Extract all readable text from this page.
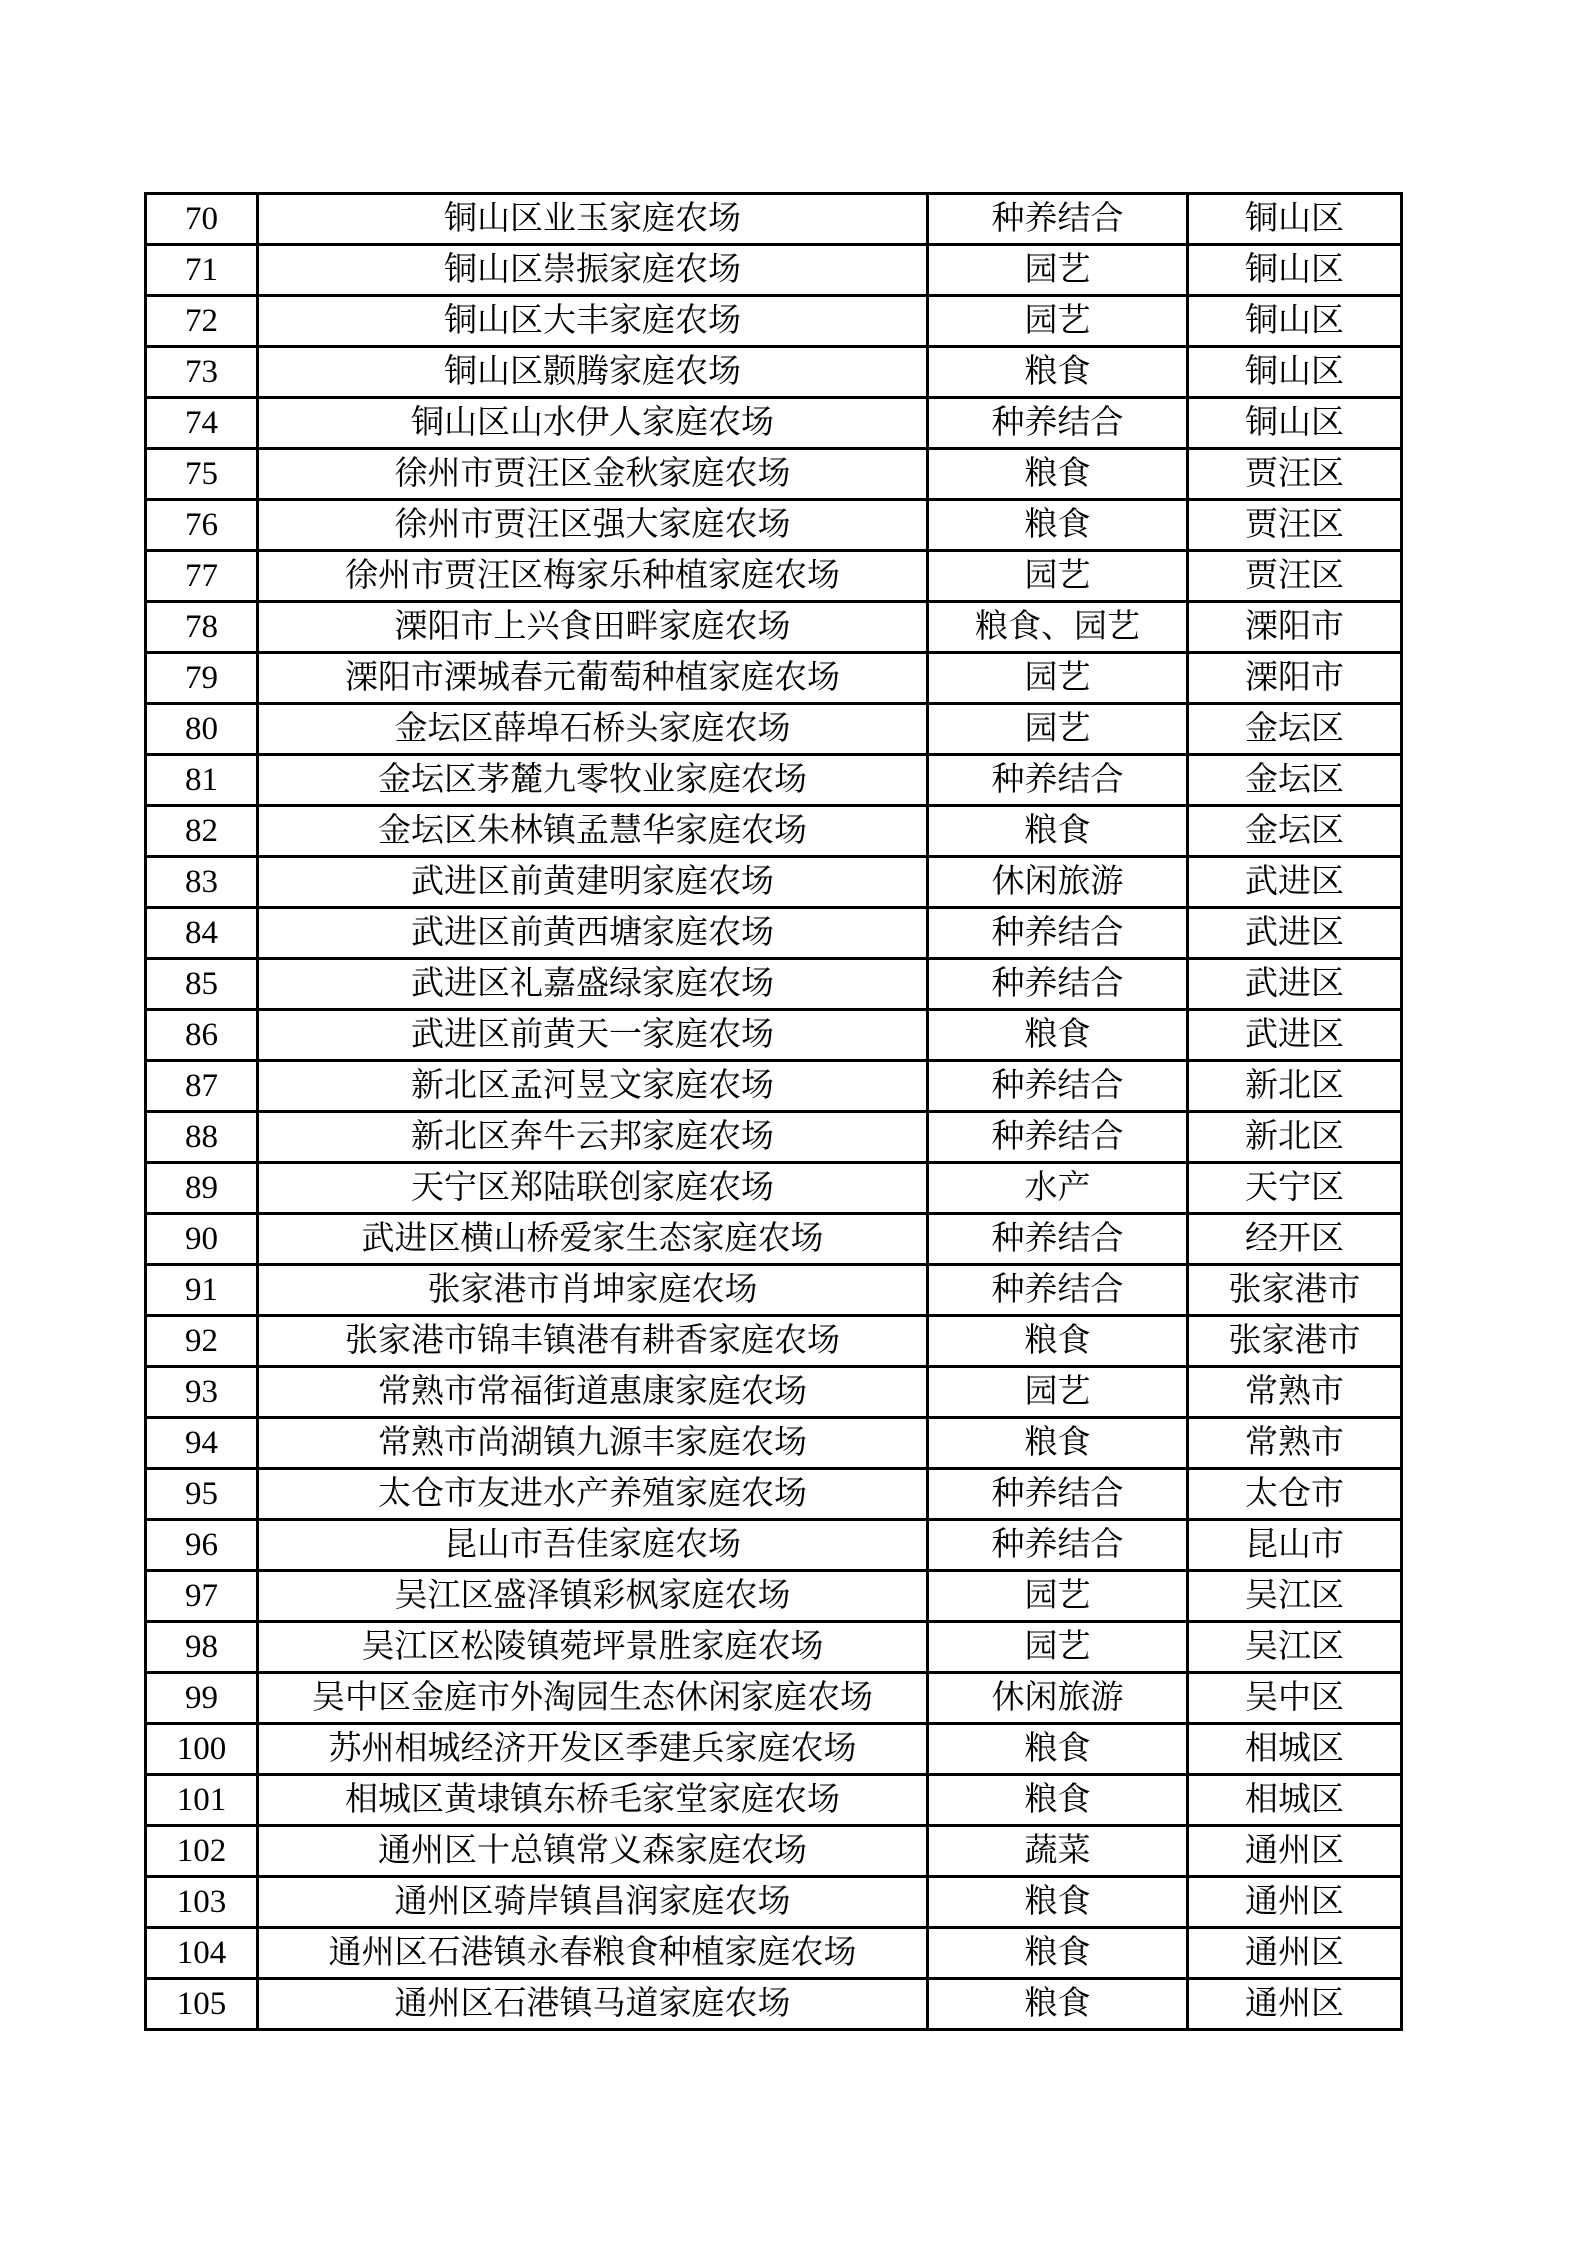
70	铜山区业玉家庭农场	种养结合	铜山区
71	铜山区崇振家庭农场	园艺	铜山区
72	铜山区大丰家庭农场	园艺	铜山区
73	铜山区颢腾家庭农场	粮食	铜山区
74	铜山区山水伊人家庭农场	种养结合	铜山区
75	徐州市贾汪区金秋家庭农场	粮食	贾汪区
76	徐州市贾汪区强大家庭农场	粮食	贾汪区
77	徐州市贾汪区梅家乐种植家庭农场	园艺	贾汪区
78	溧阳市上兴食田畔家庭农场	粮食、园艺	溧阳市
79	溧阳市溧城春元葡萄种植家庭农场	园艺	溧阳市
80	金坛区薛埠石桥头家庭农场	园艺	金坛区
81	金坛区茅麓九零牧业家庭农场	种养结合	金坛区
82	金坛区朱林镇孟慧华家庭农场	粮食	金坛区
83	武进区前黄建明家庭农场	休闲旅游	武进区
84	武进区前黄西塘家庭农场	种养结合	武进区
85	武进区礼嘉盛绿家庭农场	种养结合	武进区
86	武进区前黄天一家庭农场	粮食	武进区
87	新北区孟河昱文家庭农场	种养结合	新北区
88	新北区奔牛云邦家庭农场	种养结合	新北区
89	天宁区郑陆联创家庭农场	水产	天宁区
90	武进区横山桥爱家生态家庭农场	种养结合	经开区
91	张家港市肖坤家庭农场	种养结合	张家港市
92	张家港市锦丰镇港有耕香家庭农场	粮食	张家港市
93	常熟市常福街道惠康家庭农场	园艺	常熟市
94	常熟市尚湖镇九源丰家庭农场	粮食	常熟市
95	太仓市友进水产养殖家庭农场	种养结合	太仓市
96	昆山市吾佳家庭农场	种养结合	昆山市
97	吴江区盛泽镇彩枫家庭农场	园艺	吴江区
98	吴江区松陵镇菀坪景胜家庭农场	园艺	吴江区
99	吴中区金庭市外淘园生态休闲家庭农场	休闲旅游	吴中区
100	苏州相城经济开发区季建兵家庭农场	粮食	相城区
101	相城区黄埭镇东桥毛家堂家庭农场	粮食	相城区
102	通州区十总镇常义森家庭农场	蔬菜	通州区
103	通州区骑岸镇昌润家庭农场	粮食	通州区
104	通州区石港镇永春粮食种植家庭农场	粮食	通州区
105	通州区石港镇马道家庭农场	粮食	通州区
